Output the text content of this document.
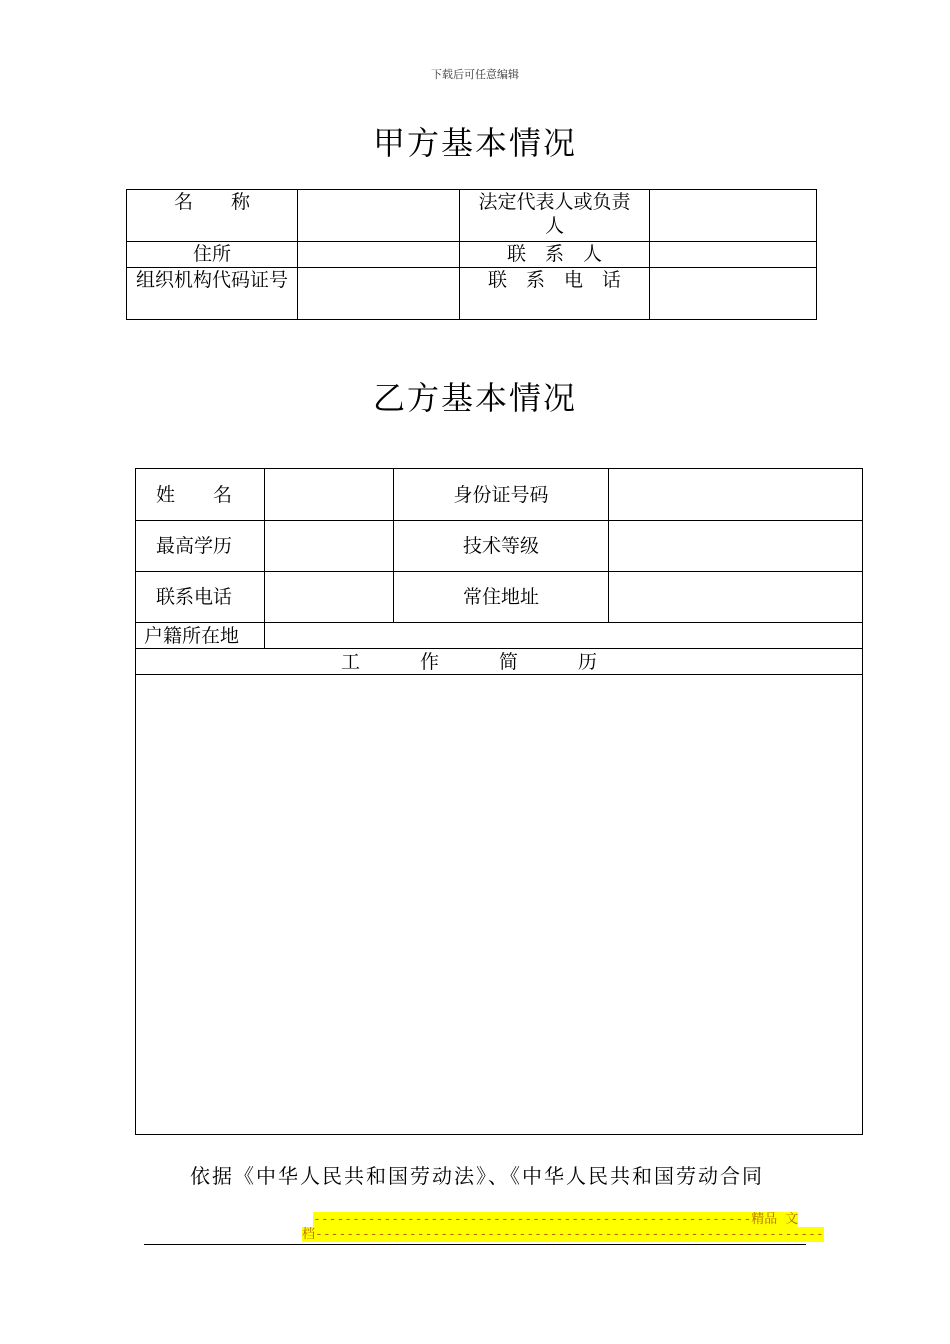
下载后可任意编辑
甲方基本情况
名　　称		法定代表人或负责人	
住所		联　系　人	
组织机构代码证号		联　系　电　话	
乙方基本情况
姓　　名		身份证号码	
最高学历		技术等级	
联系电话		常住地址	
户籍所在地			
工作简历			

依据《中华人民共和国劳动法》、《中华人民共和国劳动合同
--------------------------------------------------------精品 文
档-----------------------------------------------------------------
